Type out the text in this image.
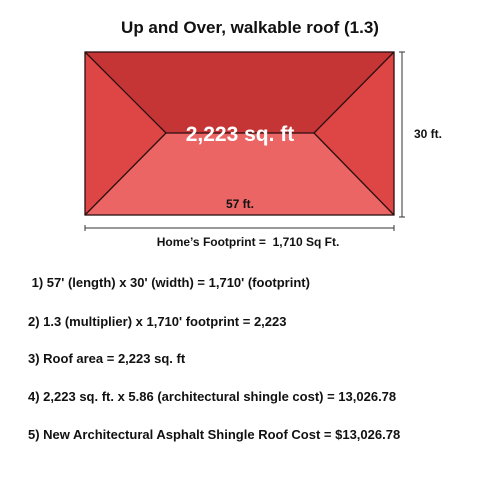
Up and Over, walkable roof (1.3)
2,223 sq. ft
57 ft.
30 ft.
Home’s Footprint =  1,710 Sq Ft.
1) 57' (length) x 30' (width) = 1,710' (footprint)
2) 1.3 (multiplier) x 1,710' footprint = 2,223
3) Roof area = 2,223 sq. ft
4) 2,223 sq. ft. x 5.86 (architectural shingle cost) = 13,026.78
5) New Architectural Asphalt Shingle Roof Cost = $13,026.78
